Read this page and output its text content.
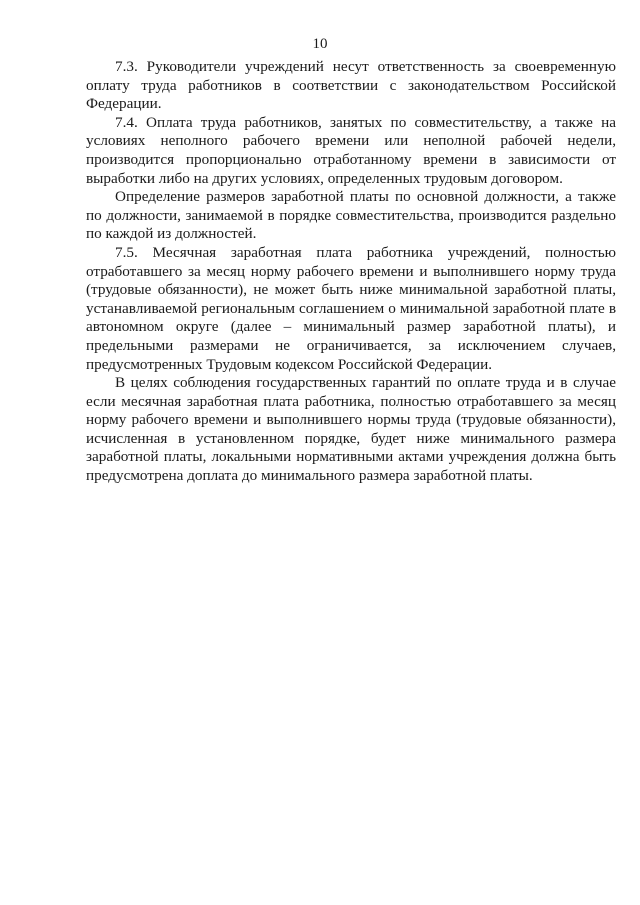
10

7.3. Руководители учреждений несут ответственность за своевременную оплату труда работников в соответствии с законодательством Российской Федерации.

7.4. Оплата труда работников, занятых по совместительству, а также на условиях неполного рабочего времени или неполной рабочей недели, производится пропорционально отработанному времени в зависимости от выработки либо на других условиях, определенных трудовым договором.

Определение размеров заработной платы по основной должности, а также по должности, занимаемой в порядке совместительства, производится раздельно по каждой из должностей.

7.5. Месячная заработная плата работника учреждений, полностью отработавшего за месяц норму рабочего времени и выполнившего норму труда (трудовые обязанности), не может быть ниже минимальной заработной платы, устанавливаемой региональным соглашением о минимальной заработной плате в автономном округе (далее – минимальный размер заработной платы), и предельными размерами не ограничивается, за исключением случаев, предусмотренных Трудовым кодексом Российской Федерации.

В целях соблюдения государственных гарантий по оплате труда и в случае если месячная заработная плата работника, полностью отработавшего за месяц норму рабочего времени и выполнившего нормы труда (трудовые обязанности), исчисленная в установленном порядке, будет ниже минимального размера заработной платы, локальными нормативными актами учреждения должна быть предусмотрена доплата до минимального размера заработной платы.
